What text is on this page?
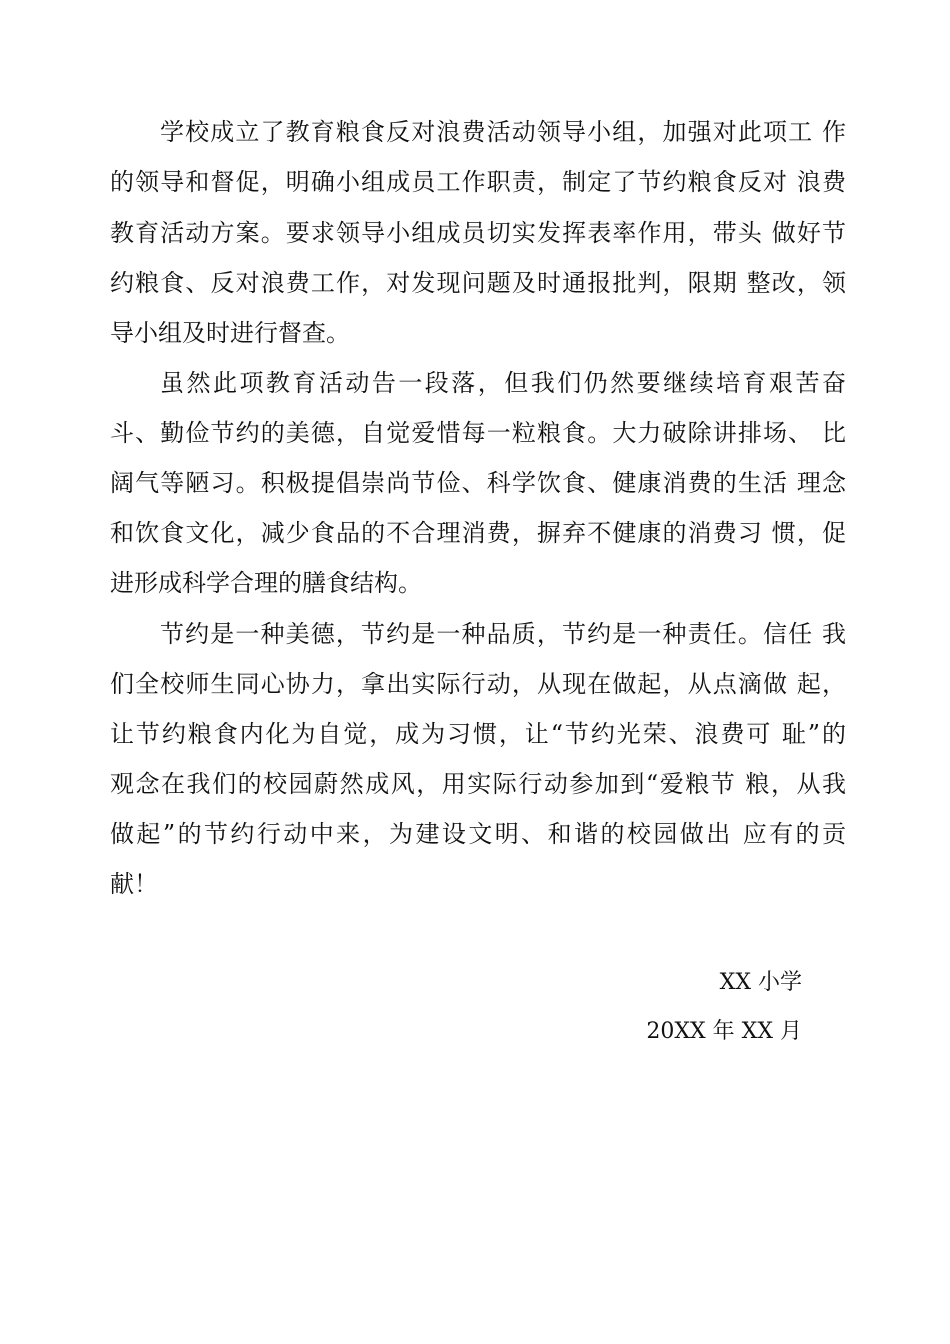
学校成立了教育粮食反对浪费活动领导小组，加强对此项工 作
的领导和督促，明确小组成员工作职责，制定了节约粮食反对 浪费
教育活动方案。要求领导小组成员切实发挥表率作用，带头 做好节
约粮食、反对浪费工作，对发现问题及时通报批判，限期 整改，领
导小组及时进行督查。
虽然此项教育活动告一段落，但我们仍然要继续培育艰苦奋
斗、勤俭节约的美德，自觉爱惜每一粒粮食。大力破除讲排场、 比
阔气等陋习。积极提倡崇尚节俭、科学饮食、健康消费的生活 理念
和饮食文化，减少食品的不合理消费，摒弃不健康的消费习 惯，促
进形成科学合理的膳食结构。
节约是一种美德，节约是一种品质，节约是一种责任。信任 我
们全校师生同心协力，拿出实际行动，从现在做起，从点滴做 起，
让节约粮食内化为自觉，成为习惯，让“节约光荣、浪费可 耻”的
观念在我们的校园蔚然成风，用实际行动参加到“爱粮节 粮，从我
做起”的节约行动中来，为建设文明、和谐的校园做出 应有的贡
献！
XX 小学
20XX 年 XX 月
